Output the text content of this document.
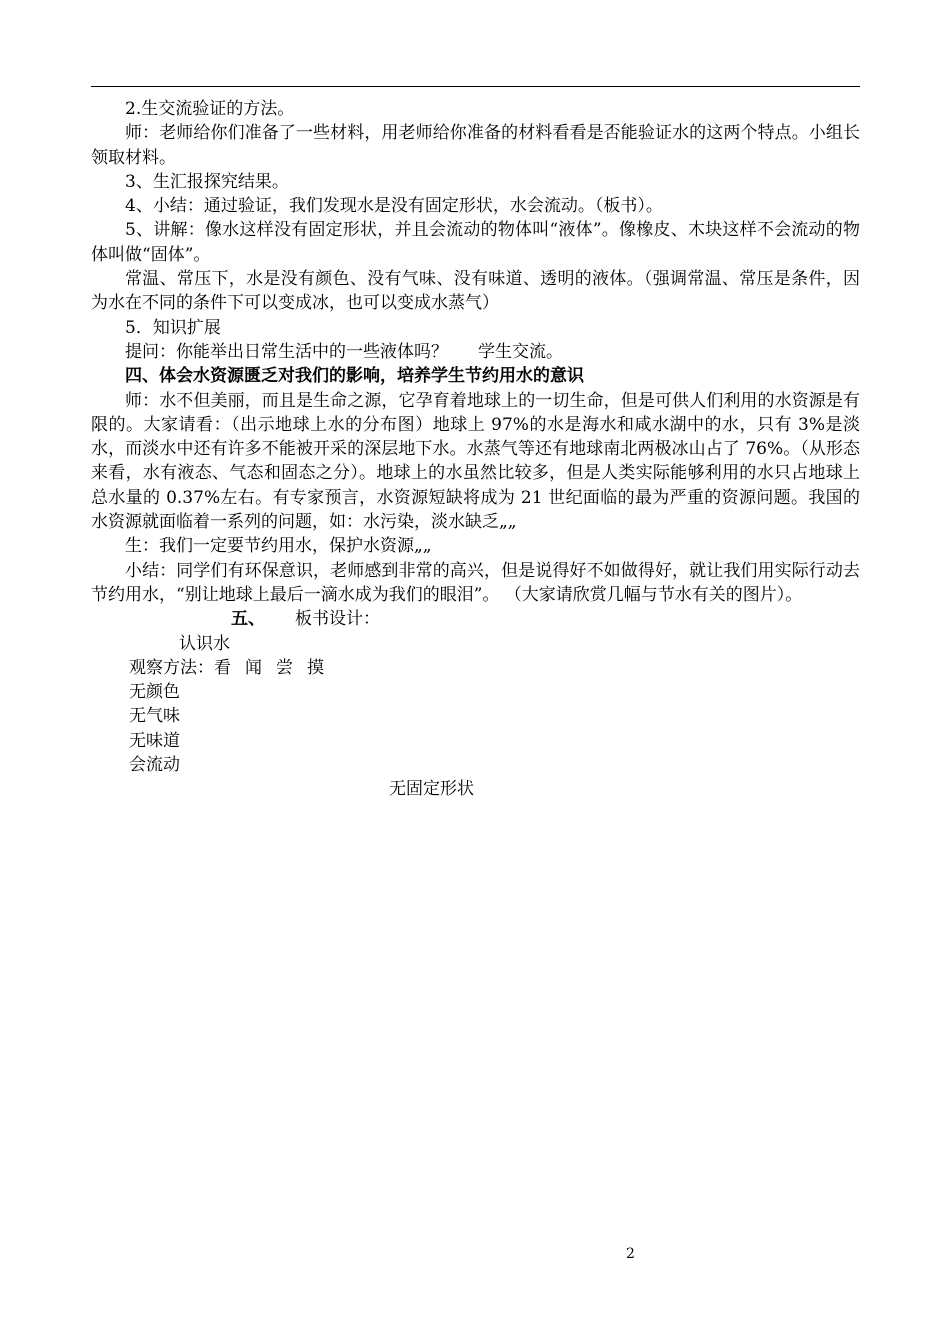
2.生交流验证的方法。

师：老师给你们准备了一些材料，用老师给你准备的材料看看是否能验证水的这两个特点。小组长领取材料。

3、生汇报探究结果。

4、小结：通过验证，我们发现水是没有固定形状，水会流动。（板书）。

5、讲解：像水这样没有固定形状，并且会流动的物体叫“液体”。像橡皮、木块这样不会流动的物体叫做“固体”。

常温、常压下，水是没有颜色、没有气味、没有味道、透明的液体。（强调常温、常压是条件，因为水在不同的条件下可以变成冰，也可以变成水蒸气）

5．知识扩展

提问：你能举出日常生活中的一些液体吗？ 学生交流。

四、体会水资源匮乏对我们的影响，培养学生节约用水的意识

师：水不但美丽，而且是生命之源，它孕育着地球上的一切生命，但是可供人们利用的水资源是有限的。大家请看：（出示地球上水的分布图）地球上 97%的水是海水和咸水湖中的水，只有 3%是淡水，而淡水中还有许多不能被开采的深层地下水。水蒸气等还有地球南北两极冰山占了 76%。（从形态来看，水有液态、气态和固态之分）。地球上的水虽然比较多，但是人类实际能够利用的水只占地球上总水量的 0.37%左右。有专家预言，水资源短缺将成为 21 世纪面临的最为严重的资源问题。我国的水资源就面临着一系列的问题，如：水污染，淡水缺乏„„

生：我们一定要节约用水，保护水资源„„

小结：同学们有环保意识，老师感到非常的高兴，但是说得好不如做得好，就让我们用实际行动去节约用水，“别让地球上最后一滴水成为我们的眼泪”。 （大家请欣赏几幅与节水有关的图片）。

五、 板书设计：
认识水
观察方法：看 闻 尝 摸
无颜色
无气味
无味道
会流动
无固定形状
2
